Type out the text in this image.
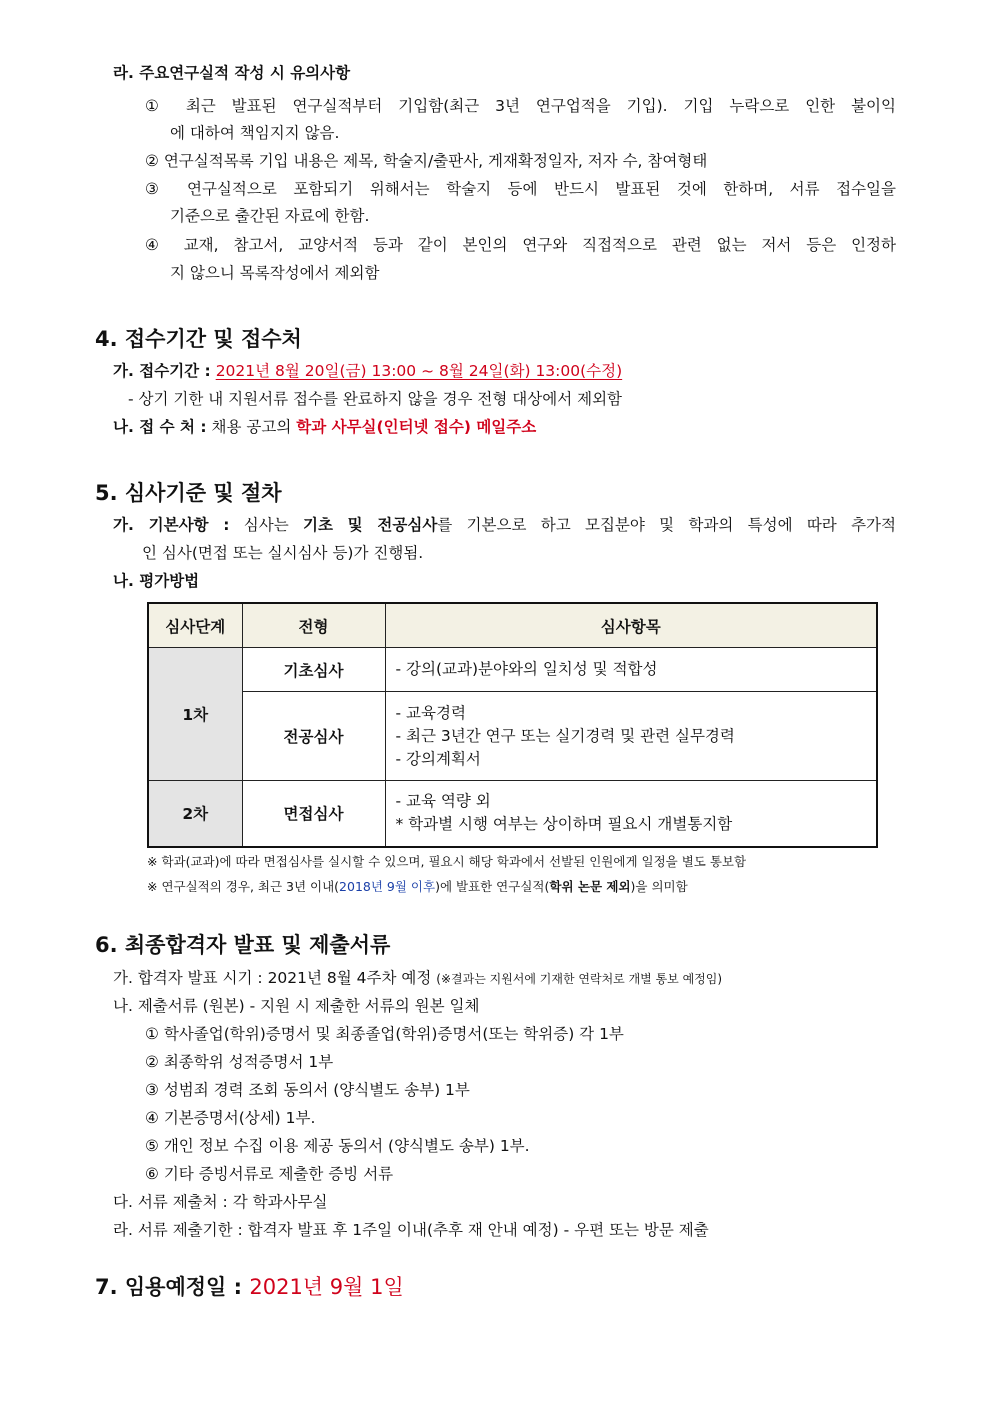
라. 주요연구실적 작성 시 유의사항
① 최근 발표된 연구실적부터 기입함(최근 3년 연구업적을 기입). 기입 누락으로 인한 불이익
에 대하여 책임지지 않음.
② 연구실적목록 기입 내용은 제목, 학술지/출판사, 게재확정일자, 저자 수, 참여형태
③ 연구실적으로 포함되기 위해서는 학술지 등에 반드시 발표된 것에 한하며, 서류 접수일을
기준으로 출간된 자료에 한함.
④ 교재, 참고서, 교양서적 등과 같이 본인의 연구와 직접적으로 관련 없는 저서 등은 인정하
지 않으니 목록작성에서 제외함
4. 접수기간 및 접수처
가. 접수기간 : 2021년 8월 20일(금) 13:00 ~ 8월 24일(화) 13:00(수정)
- 상기 기한 내 지원서류 접수를 완료하지 않을 경우 전형 대상에서 제외함
나. 접 수 처 : 채용 공고의 학과 사무실(인터넷 접수) 메일주소
5. 심사기준 및 절차
가. 기본사항 : 심사는 기초 및 전공심사를 기본으로 하고 모집분야 및 학과의 특성에 따라 추가적
인 심사(면접 또는 실시심사 등)가 진행됨.
나. 평가방법
심사단계	전형	심사항목
1차	기초심사	- 강의(교과)분야와의 일치성 및 적합성

	전공심사	- 교육경력
- 최근 3년간 연구 또는 실기경력 및 관련 실무경력
- 강의계획서

2차	면접심사	- 교육 역량 외
* 학과별 시행 여부는 상이하며 필요시 개별통지함
※ 학과(교과)에 따라 면접심사를 실시할 수 있으며, 필요시 해당 학과에서 선발된 인원에게 일정을 별도 통보함
※ 연구실적의 경우, 최근 3년 이내(2018년 9월 이후)에 발표한 연구실적(학위 논문 제외)을 의미함
6. 최종합격자 발표 및 제출서류
가. 합격자 발표 시기 : 2021년 8월 4주차 예정 (※결과는 지원서에 기재한 연락처로 개별 통보 예정임)
나. 제출서류 (원본) - 지원 시 제출한 서류의 원본 일체
① 학사졸업(학위)증명서 및 최종졸업(학위)증명서(또는 학위증) 각 1부
② 최종학위 성적증명서 1부
③ 성범죄 경력 조회 동의서 (양식별도 송부) 1부
④ 기본증명서(상세) 1부.
⑤ 개인 정보 수집 이용 제공 동의서 (양식별도 송부) 1부.
⑥ 기타 증빙서류로 제출한 증빙 서류
다. 서류 제출처 : 각 학과사무실
라. 서류 제출기한 : 합격자 발표 후 1주일 이내(추후 재 안내 예정) - 우편 또는 방문 제출
7. 임용예정일 : 2021년 9월 1일
